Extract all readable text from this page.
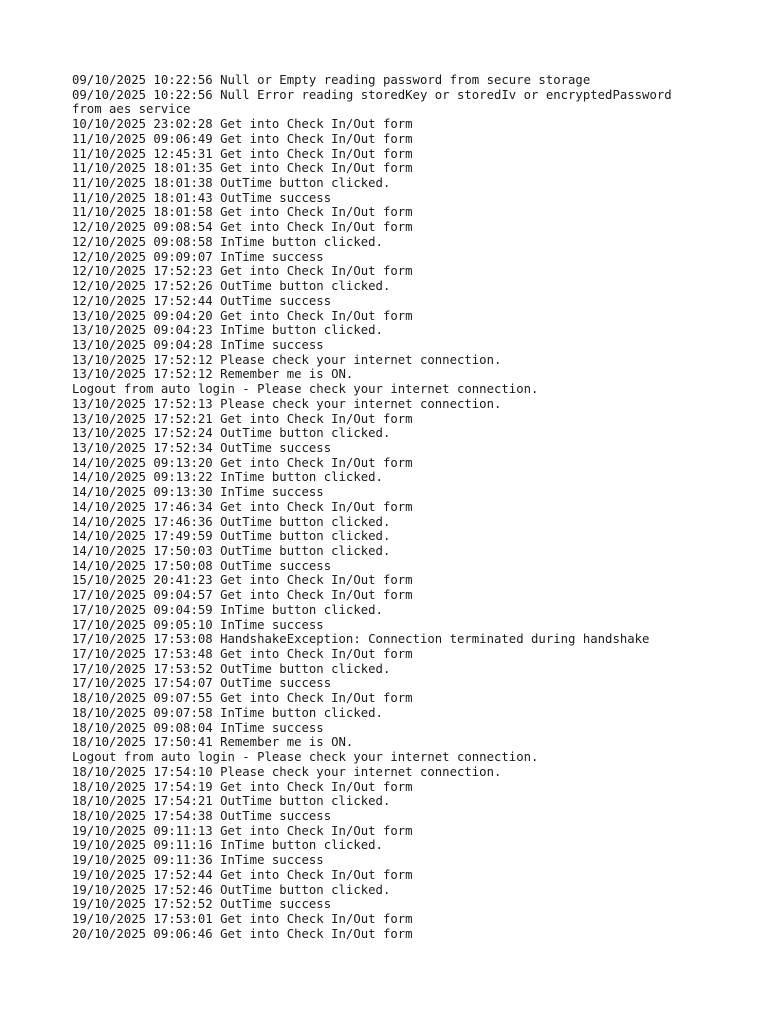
09/10/2025 10:22:56 Null or Empty reading password from secure storage
09/10/2025 10:22:56 Null Error reading storedKey or storedIv or encryptedPassword
from aes service
10/10/2025 23:02:28 Get into Check In/Out form
11/10/2025 09:06:49 Get into Check In/Out form
11/10/2025 12:45:31 Get into Check In/Out form
11/10/2025 18:01:35 Get into Check In/Out form
11/10/2025 18:01:38 OutTime button clicked.
11/10/2025 18:01:43 OutTime success
11/10/2025 18:01:58 Get into Check In/Out form
12/10/2025 09:08:54 Get into Check In/Out form
12/10/2025 09:08:58 InTime button clicked.
12/10/2025 09:09:07 InTime success
12/10/2025 17:52:23 Get into Check In/Out form
12/10/2025 17:52:26 OutTime button clicked.
12/10/2025 17:52:44 OutTime success
13/10/2025 09:04:20 Get into Check In/Out form
13/10/2025 09:04:23 InTime button clicked.
13/10/2025 09:04:28 InTime success
13/10/2025 17:52:12 Please check your internet connection.
13/10/2025 17:52:12 Remember me is ON.
Logout from auto login - Please check your internet connection.
13/10/2025 17:52:13 Please check your internet connection.
13/10/2025 17:52:21 Get into Check In/Out form
13/10/2025 17:52:24 OutTime button clicked.
13/10/2025 17:52:34 OutTime success
14/10/2025 09:13:20 Get into Check In/Out form
14/10/2025 09:13:22 InTime button clicked.
14/10/2025 09:13:30 InTime success
14/10/2025 17:46:34 Get into Check In/Out form
14/10/2025 17:46:36 OutTime button clicked.
14/10/2025 17:49:59 OutTime button clicked.
14/10/2025 17:50:03 OutTime button clicked.
14/10/2025 17:50:08 OutTime success
15/10/2025 20:41:23 Get into Check In/Out form
17/10/2025 09:04:57 Get into Check In/Out form
17/10/2025 09:04:59 InTime button clicked.
17/10/2025 09:05:10 InTime success
17/10/2025 17:53:08 HandshakeException: Connection terminated during handshake
17/10/2025 17:53:48 Get into Check In/Out form
17/10/2025 17:53:52 OutTime button clicked.
17/10/2025 17:54:07 OutTime success
18/10/2025 09:07:55 Get into Check In/Out form
18/10/2025 09:07:58 InTime button clicked.
18/10/2025 09:08:04 InTime success
18/10/2025 17:50:41 Remember me is ON.
Logout from auto login - Please check your internet connection.
18/10/2025 17:54:10 Please check your internet connection.
18/10/2025 17:54:19 Get into Check In/Out form
18/10/2025 17:54:21 OutTime button clicked.
18/10/2025 17:54:38 OutTime success
19/10/2025 09:11:13 Get into Check In/Out form
19/10/2025 09:11:16 InTime button clicked.
19/10/2025 09:11:36 InTime success
19/10/2025 17:52:44 Get into Check In/Out form
19/10/2025 17:52:46 OutTime button clicked.
19/10/2025 17:52:52 OutTime success
19/10/2025 17:53:01 Get into Check In/Out form
20/10/2025 09:06:46 Get into Check In/Out form
